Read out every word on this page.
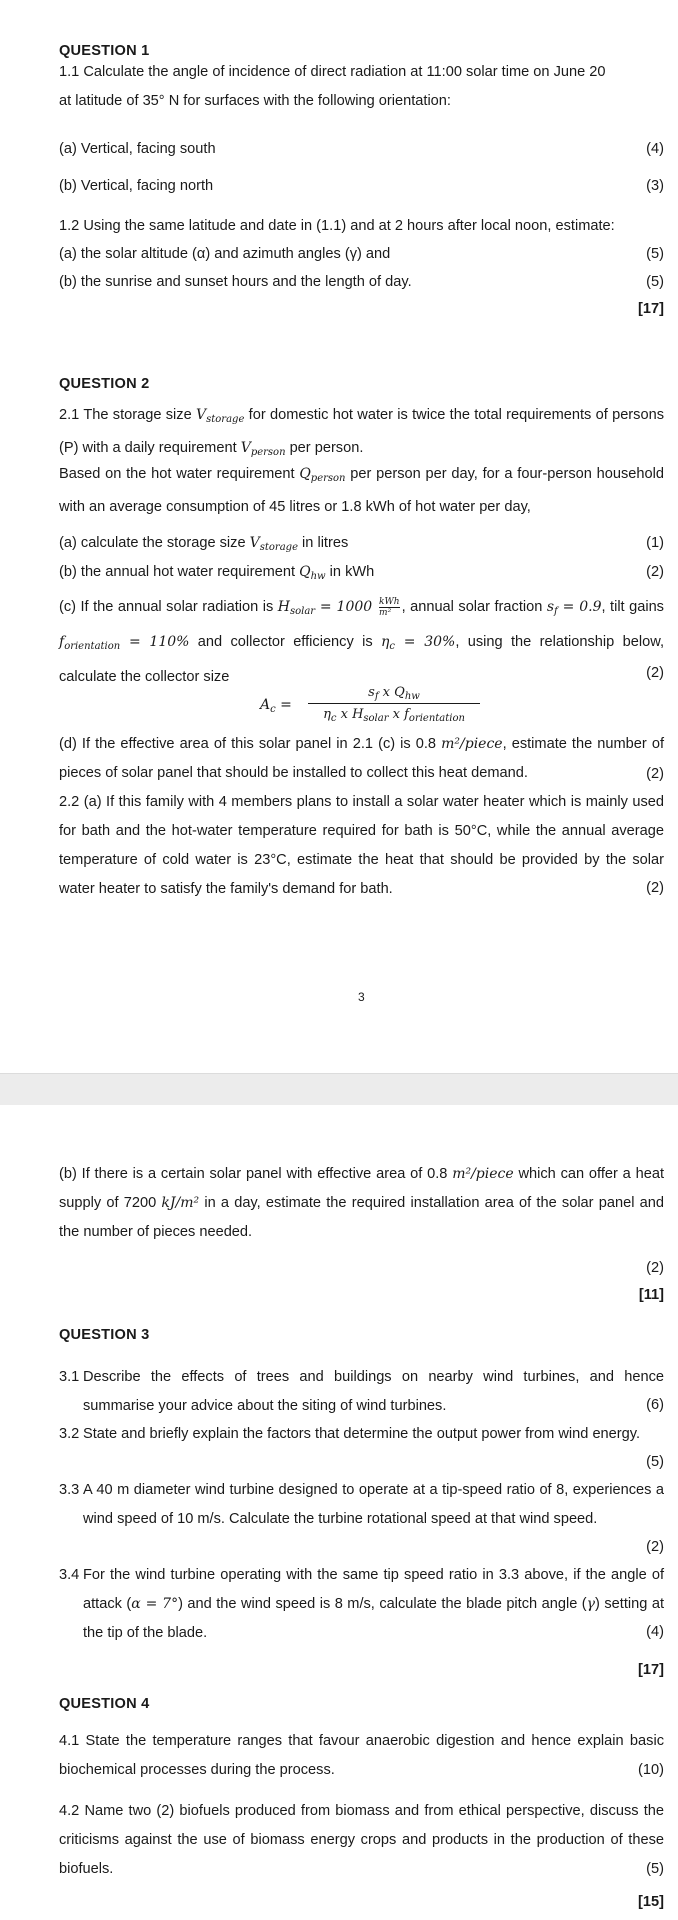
QUESTION 1
1.1 Calculate the angle of incidence of direct radiation at 11:00 solar time on June 20
at latitude of 35° N for surfaces with the following orientation:
(a) Vertical, facing south	(4)
(b) Vertical, facing north	(3)
1.2 Using the same latitude and date in (1.1) and at 2 hours after local noon, estimate:
(a) the solar altitude (α) and azimuth angles (γ) and	(5)
(b) the sunrise and sunset hours and the length of day.	(5)
[17]
QUESTION 2
2.1 The storage size $V_{storage}$ for domestic hot water is twice the total requirements of persons (P) with a daily requirement $V_{person}$ per person.
Based on the hot water requirement $Q_{person}$ per person per day, for a four-person household with an average consumption of 45 litres or 1.8 kWh of hot water per day,
(a) calculate the storage size $V_{storage}$ in litres	(1)
(b) the annual hot water requirement $Q_{hw}$ in kWh	(2)
(c) If the annual solar radiation is $H_{solar} = 1000$ kWh
m² , annual solar fraction $s_f = 0.9$, tilt gains $f_{orientation} = 110\%$ and collector efficiency is $\eta_c = 30\%$, using the relationship below, calculate the collector size	(2)
$A_c$ =
$s_f$ x $Q_{hw}$
$\eta_c$ x $H_{solar}$ x $f_{orientation}$
(d) If the effective area of this solar panel in 2.1 (c) is 0.8 m²/piece, estimate the number of pieces of solar panel that should be installed to collect this heat demand.	(2)
2.2 (a) If this family with 4 members plans to install a solar water heater which is mainly used for bath and the hot-water temperature required for bath is 50°C, while the annual average temperature of cold water is 23°C, estimate the heat that should be provided by the solar water heater to satisfy the family's demand for bath.	(2)
3
(b) If there is a certain solar panel with effective area of 0.8 m²/piece which can offer a heat supply of 7200 kJ/m² in a day, estimate the required installation area of the solar panel and the number of pieces needed.
(2)
[11]
QUESTION 3
3.1 Describe the effects of trees and buildings on nearby wind turbines, and hence summarise your advice about the siting of wind turbines.	(6)
3.2 State and briefly explain the factors that determine the output power from wind energy.
(5)
3.3 A 40 m diameter wind turbine designed to operate at a tip-speed ratio of 8, experiences a wind speed of 10 m/s. Calculate the turbine rotational speed at that wind speed.
(2)
3.4 For the wind turbine operating with the same tip speed ratio in 3.3 above, if the angle of attack (α = 7°) and the wind speed is 8 m/s, calculate the blade pitch angle (γ) setting at the tip of the blade.	(4)
[17]
QUESTION 4
4.1 State the temperature ranges that favour anaerobic digestion and hence explain basic biochemical processes during the process.	(10)
4.2 Name two (2) biofuels produced from biomass and from ethical perspective, discuss the criticisms against the use of biomass energy crops and products in the production of these biofuels.	(5)
[15]
